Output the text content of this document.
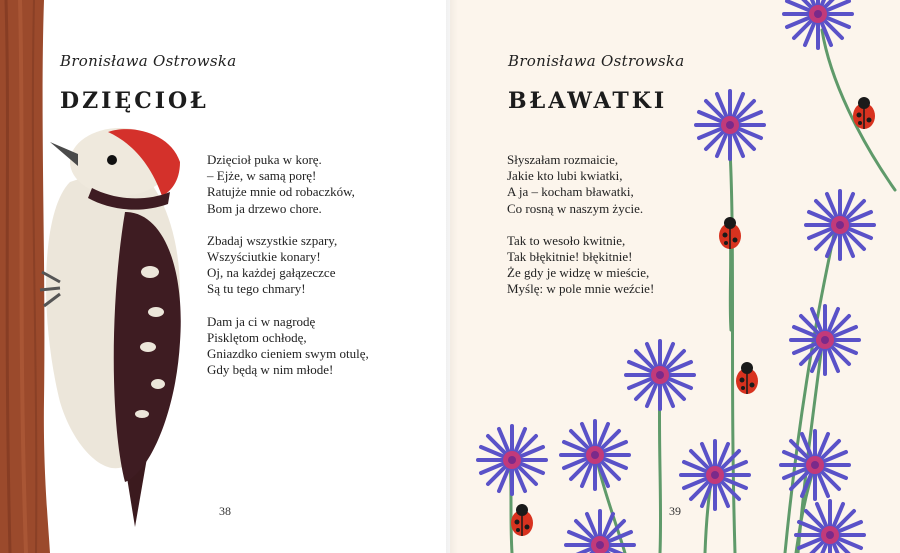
Bronisława Ostrowska
DZIĘCIOŁ
Dzięcioł puka w korę.
– Ejże, w samą porę!
Ratujże mnie od robaczków,
Bom ja drzewo chore.
Zbadaj wszystkie szpary,
Wszyściutkie konary!
Oj, na każdej gałązeczce
Są tu tego chmary!
Dam ja ci w nagrodę
Pisklętom ochłodę,
Gniazdko cieniem swym otulę,
Gdy będą w nim młode!
38
Bronisława Ostrowska
BŁAWATKI
Słyszałam rozmaicie,
Jakie kto lubi kwiatki,
A ja – kocham bławatki,
Co rosną w naszym życie.
Tak to wesoło kwitnie,
Tak błękitnie! błękitnie!
Że gdy je widzę w mieście,
Myślę: w pole mnie weźcie!
39
